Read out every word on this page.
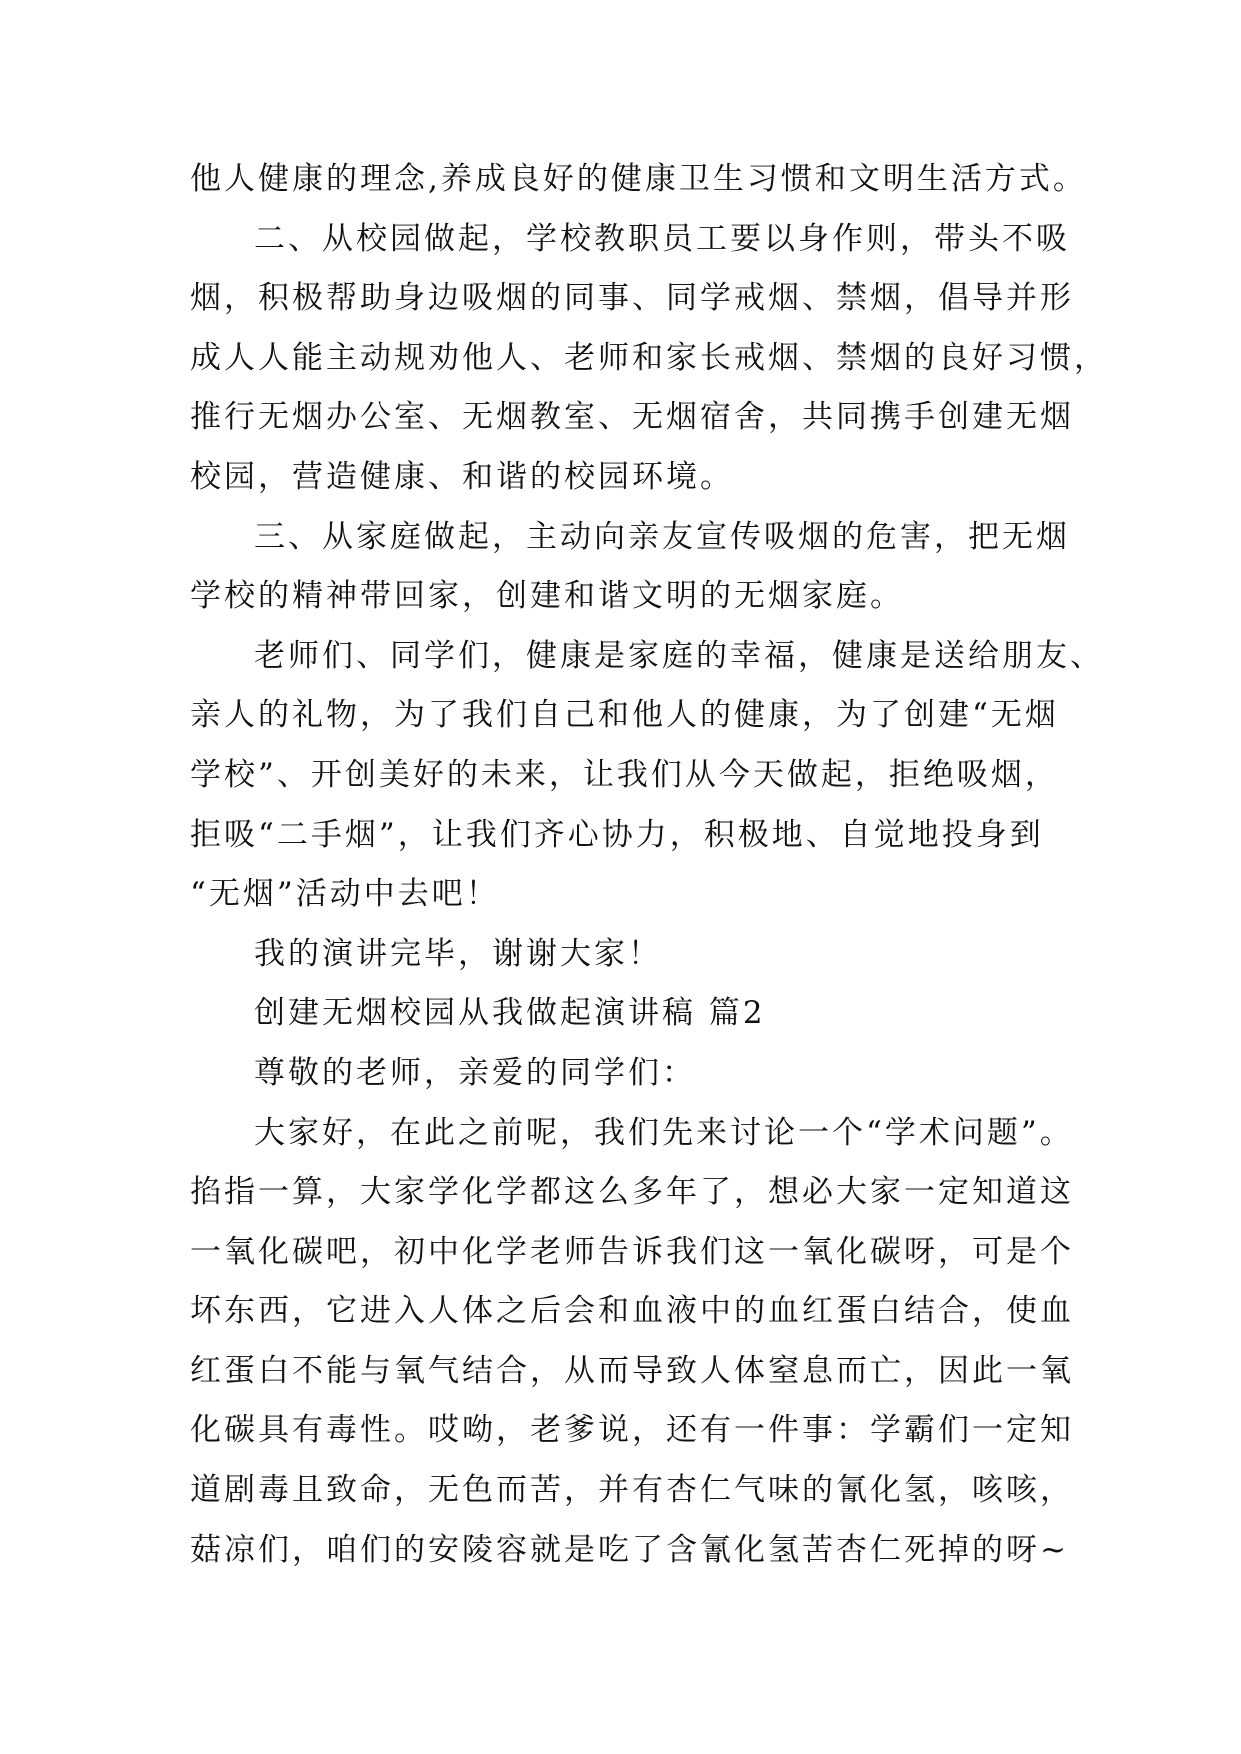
他人健康的理念,养成良好的健康卫生习惯和文明生活方式。
二、从校园做起，学校教职员工要以身作则，带头不吸
烟，积极帮助身边吸烟的同事、同学戒烟、禁烟，倡导并形
成人人能主动规劝他人、老师和家长戒烟、禁烟的良好习惯，
推行无烟办公室、无烟教室、无烟宿舍，共同携手创建无烟
校园，营造健康、和谐的校园环境。
三、从家庭做起，主动向亲友宣传吸烟的危害，把无烟
学校的精神带回家，创建和谐文明的无烟家庭。
老师们、同学们，健康是家庭的幸福，健康是送给朋友、
亲人的礼物，为了我们自己和他人的健康，为了创建“无烟
学校”、开创美好的未来，让我们从今天做起，拒绝吸烟，
拒吸“二手烟”，让我们齐心协力，积极地、自觉地投身到
“无烟”活动中去吧！
我的演讲完毕，谢谢大家！
创建无烟校园从我做起演讲稿 篇2
尊敬的老师，亲爱的同学们：
大家好，在此之前呢，我们先来讨论一个“学术问题”。
掐指一算，大家学化学都这么多年了，想必大家一定知道这
一氧化碳吧，初中化学老师告诉我们这一氧化碳呀，可是个
坏东西，它进入人体之后会和血液中的血红蛋白结合，使血
红蛋白不能与氧气结合，从而导致人体窒息而亡，因此一氧
化碳具有毒性。哎呦，老爹说，还有一件事：学霸们一定知
道剧毒且致命，无色而苦，并有杏仁气味的氰化氢，咳咳，
菇凉们，咱们的安陵容就是吃了含氰化氢苦杏仁死掉的呀~
